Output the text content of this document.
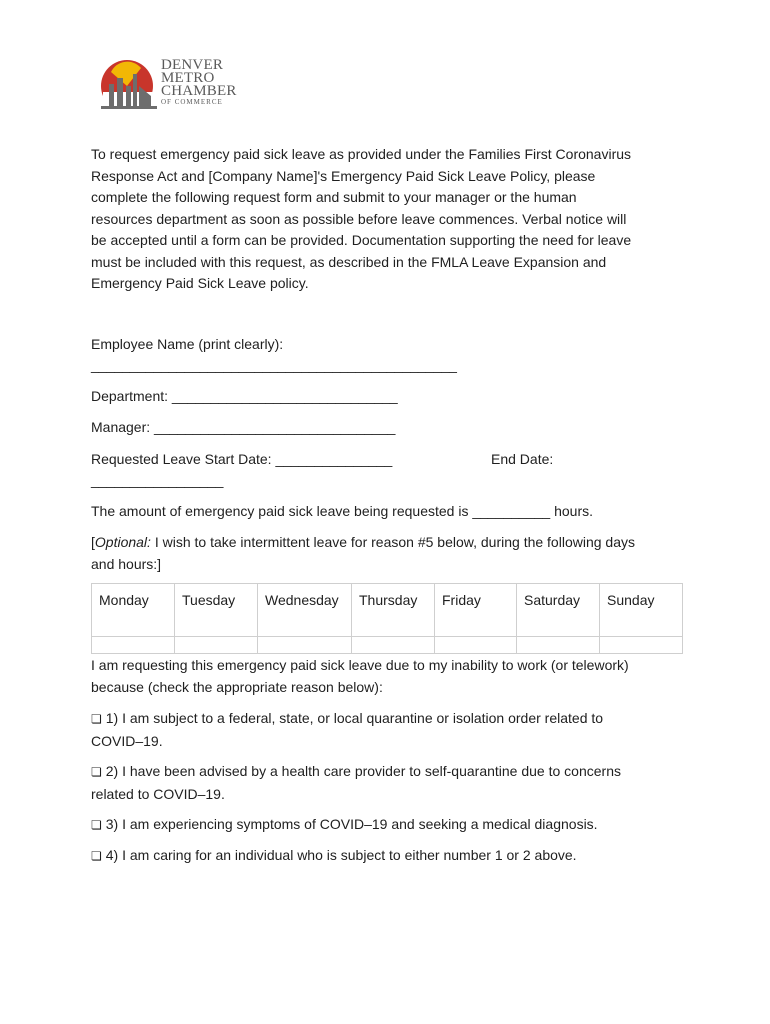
DENVER
METRO
CHAMBER
OF COMMERCE
To request emergency paid sick leave as provided under the Families First Coronavirus
Response Act and [Company Name]'s Emergency Paid Sick Leave Policy, please
complete the following request form and submit to your manager or the human
resources department as soon as possible before leave commences. Verbal notice will
be accepted until a form can be provided. Documentation supporting the need for leave
must be included with this request, as described in the FMLA Leave Expansion and
Emergency Paid Sick Leave policy.
Employee Name (print clearly):
_______________________________________________
Department: _____________________________
Manager: _______________________________
Requested Leave Start Date: _______________	End Date:
_________________
The amount of emergency paid sick leave being requested is __________ hours.
[Optional: I wish to take intermittent leave for reason #5 below, during the following days
and hours:]
Monday	Tuesday	Wednesday	Thursday	Friday	Saturday	Sunday

I am requesting this emergency paid sick leave due to my inability to work (or telework)
because (check the appropriate reason below):
❏ 1) I am subject to a federal, state, or local quarantine or isolation order related to
COVID–19.
❏ 2) I have been advised by a health care provider to self-quarantine due to concerns
related to COVID–19.
❏ 3) I am experiencing symptoms of COVID–19 and seeking a medical diagnosis.
❏ 4) I am caring for an individual who is subject to either number 1 or 2 above.
